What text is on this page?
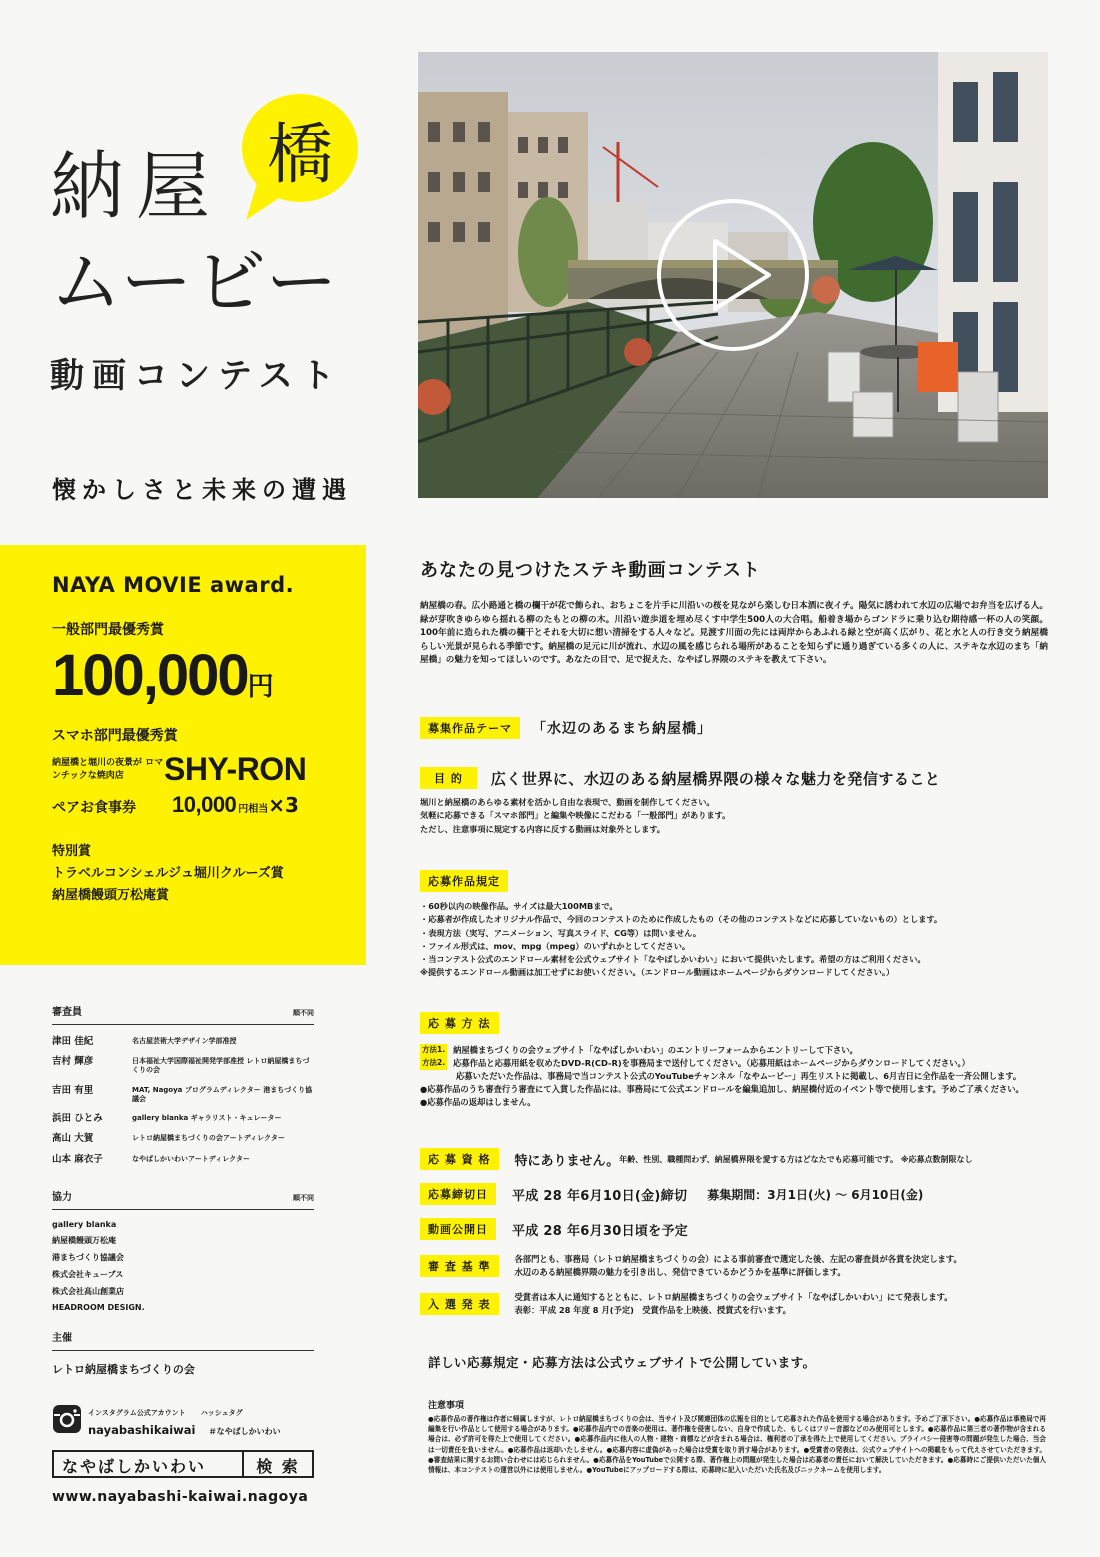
橋
納屋
ムービー
動画コンテスト
懐かしさと未来の遭遇
NAYA MOVIE award.
一般部門最優秀賞
100,000円
スマホ部門最優秀賞
納屋橋と堀川の夜景が ロマンチックな焼肉店	SHY-RON
ペアお食事券	10,000 円相当 ×3
特別賞
トラベルコンシェルジュ堀川クルーズ賞
納屋橋饅頭万松庵賞
審査員	順不同
津田 佳紀	名古屋芸術大学デザイン学部准授
吉村 輝彦	日本福祉大学国際福祉開発学部准授 レトロ納屋橋まちづくりの会
吉田 有里	MAT, Nagoya プログラムディレクター 港まちづくり協議会
浜田 ひとみ	gallery blanka ギャラリスト・キュレーター
高山 大賀	レトロ納屋橋まちづくりの会アートディレクター
山本 麻衣子	なやばしかいわいアートディレクター
協力	順不同
gallery blanka
納屋橋饅頭万松庵
港まちづくり協議会
株式会社キューブス
株式会社高山創業店
HEADROOM DESIGN.
主催
レトロ納屋橋まちづくりの会
インスタグラム公式アカウント ハッシュタグ
nayabashikaiwai ＃なやばしかいわい
なやばしかいわい	検 索
www.nayabashi-kaiwai.nagoya
あなたの見つけたステキ動画コンテスト
納屋橋の春。広小路通と橋の欄干が花で飾られ、おちょこを片手に川沿いの桜を見ながら楽しむ日本酒に夜イチ。陽気に誘われて水辺の広場でお弁当を広げる人。緑が芽吹きゆらゆら揺れる柳のたもとの柳の木。川沿い遊歩道を埋め尽くす中学生500人の大合唱。船着き場からゴンドラに乗り込む期待感一杯の人の笑顔。100年前に造られた橋の欄干とそれを大切に想い清掃をする人々など。見渡す川面の先には両岸からあふれる緑と空が高く広がり、花と水と人の行き交う納屋橋らしい光景が見られる季節です。納屋橋の足元に川が流れ、水辺の風を感じられる場所があることを知らずに通り過ぎている多くの人に、ステキな水辺のまち「納屋橋」の魅力を知ってほしいのです。あなたの目で、足で捉えた、なやばし界隈のステキを教えて下さい。
募集作品テーマ	「水辺のあるまち納屋橋」
目 的	広く世界に、水辺のある納屋橋界隈の様々な魅力を発信すること
堀川と納屋橋のあらゆる素材を活かし自由な表現で、動画を制作してください。
気軽に応募できる「スマホ部門」と編集や映像にこだわる「一般部門」があります。
ただし、注意事項に規定する内容に反する動画は対象外とします。
応募作品規定
・60秒以内の映像作品。サイズは最大100MBまで。
・応募者が作成したオリジナル作品で、今回のコンテストのために作成したもの（その他のコンテストなどに応募していないもの）とします。
・表現方法（実写、アニメーション、写真スライド、CG等）は問いません。
・ファイル形式は、mov、mpg（mpeg）のいずれかとしてください。
・当コンテスト公式のエンドロール素材を公式ウェブサイト「なやばしかいわい」において提供いたします。希望の方はご利用ください。
※提供するエンドロール動画は加工せずにお使いください。（エンドロール動画はホームページからダウンロードしてください。）
応 募 方 法
方法1. 納屋橋まちづくりの会ウェブサイト「なやばしかいわい」のエントリーフォームからエントリーして下さい。
方法2. 応募作品と応募用紙を収めたDVD-R(CD-R)を事務局まで送付してください。（応募用紙はホームページからダウンロードしてください。）
応募いただいた作品は、事務局で当コンテスト公式のYouTubeチャンネル「なやムービー」再生リストに掲載し、6月吉日に全作品を一斉公開します。
●応募作品のうち審査行う審査にて入賞した作品には、事務局にて公式エンドロールを編集追加し、納屋橋付近のイベント等で使用します。予めご了承ください。
●応募作品の返却はしません。
応 募 資 格	特にありません。 年齢、性別、職種問わず、納屋橋界隈を愛する方はどなたでも応募可能です。 ※応募点数制限なし
応募締切日	平成 28 年6月10日(金)締切 募集期間：3月1日(火) ～ 6月10日(金)
動画公開日	平成 28 年6月30日頃を予定
審 査 基 準
各部門とも、事務局（レトロ納屋橋まちづくりの会）による事前審査で選定した後、左記の審査員が各賞を決定します。
水辺のある納屋橋界隈の魅力を引き出し、発信できているかどうかを基準に評価します。
入 選 発 表
受賞者は本人に通知するとともに、レトロ納屋橋まちづくりの会ウェブサイト「なやばしかいわい」にて発表します。
表彰：平成 28 年度 8 月(予定)　受賞作品を上映後、授賞式を行います。
詳しい応募規定・応募方法は公式ウェブサイトで公開しています。
注意事項
●応募作品の著作権は作者に帰属しますが、レトロ納屋橋まちづくりの会は、当サイト及び関連団体の広報を目的として応募された作品を使用する場合があります。予めご了承下さい。●応募作品は事務局で再編集を行い作品として使用する場合があります。●応募作品内での音楽の使用は、著作権を侵害しない、自身で作成した、もしくはフリー音源などのみ使用可とします。●応募作品に第三者の著作物が含まれる場合は、必ず許可を得た上で使用してください。●応募作品内に他人の人物・建物・商標などが含まれる場合は、権利者の了承を得た上で使用してください。プライバシー侵害等の問題が発生した場合、当会は一切責任を負いません。●応募作品は返却いたしません。●応募内容に虚偽があった場合は受賞を取り消す場合があります。●受賞者の発表は、公式ウェブサイトへの掲載をもって代えさせていただきます。●審査結果に関するお問い合わせには応じられません。●応募作品をYouTubeで公開する際、著作権上の問題が発生した場合は応募者の責任において解決していただきます。●応募時にご提供いただいた個人情報は、本コンテストの運営以外には使用しません。●YouTubeにアップロードする際は、応募時に記入いただいた氏名及びニックネームを使用します。
